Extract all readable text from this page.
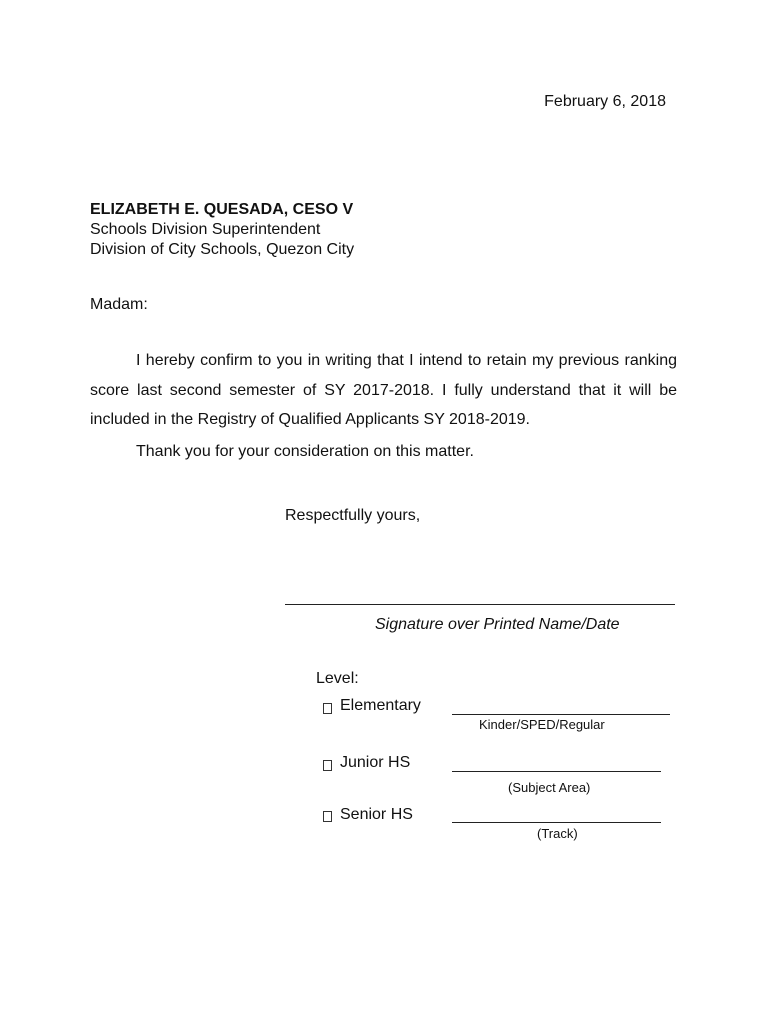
February 6, 2018
ELIZABETH E. QUESADA, CESO V
Schools Division Superintendent
Division of City Schools, Quezon City
Madam:
I hereby confirm to you in writing that I intend to retain my previous ranking score last second semester of SY 2017-2018. I fully understand that it will be included in the Registry of Qualified Applicants SY 2018-2019.
Thank you for your consideration on this matter.
Respectfully yours,
Signature over Printed Name/Date
Level:
Elementary
Kinder/SPED/Regular
Junior HS
(Subject Area)
Senior HS
(Track)
